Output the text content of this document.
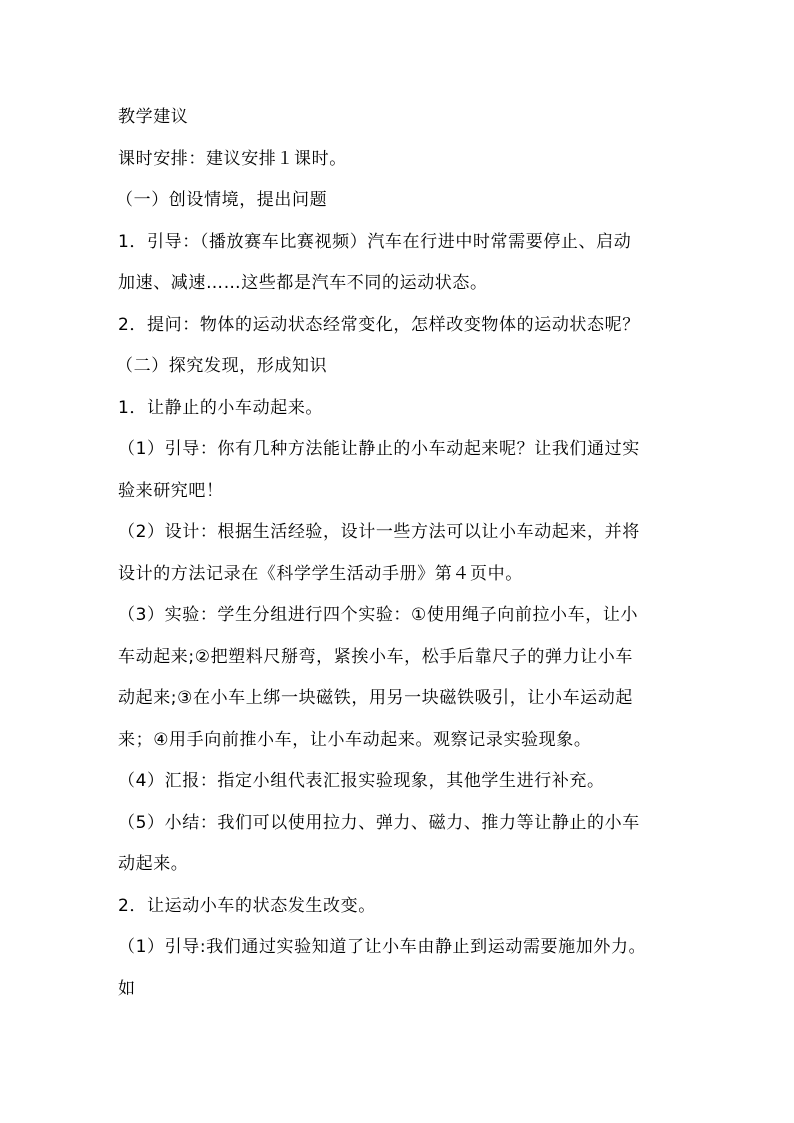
教学建议
课时安排：建议安排１课时。
（一）创设情境，提出问题
1．引导：（播放赛车比赛视频）汽车在行进中时常需要停止、启动
加速、减速……这些都是汽车不同的运动状态。
2．提问：物体的运动状态经常变化，怎样改变物体的运动状态呢？
（二）探究发现，形成知识
1．让静止的小车动起来。
（1）引导：你有几种方法能让静止的小车动起来呢？让我们通过实
验来研究吧！
（2）设计：根据生活经验，设计一些方法可以让小车动起来，并将
设计的方法记录在《科学学生活动手册》第４页中。
（3）实验：学生分组进行四个实验：①使用绳子向前拉小车，让小
车动起来;②把塑料尺掰弯，紧挨小车，松手后靠尺子的弹力让小车
动起来;③在小车上绑一块磁铁，用另一块磁铁吸引，让小车运动起
来；④用手向前推小车，让小车动起来。观察记录实验现象。
（4）汇报：指定小组代表汇报实验现象，其他学生进行补充。
（5）小结：我们可以使用拉力、弹力、磁力、推力等让静止的小车
动起来。
2．让运动小车的状态发生改变。
（1）引导:我们通过实验知道了让小车由静止到运动需要施加外力。
如
